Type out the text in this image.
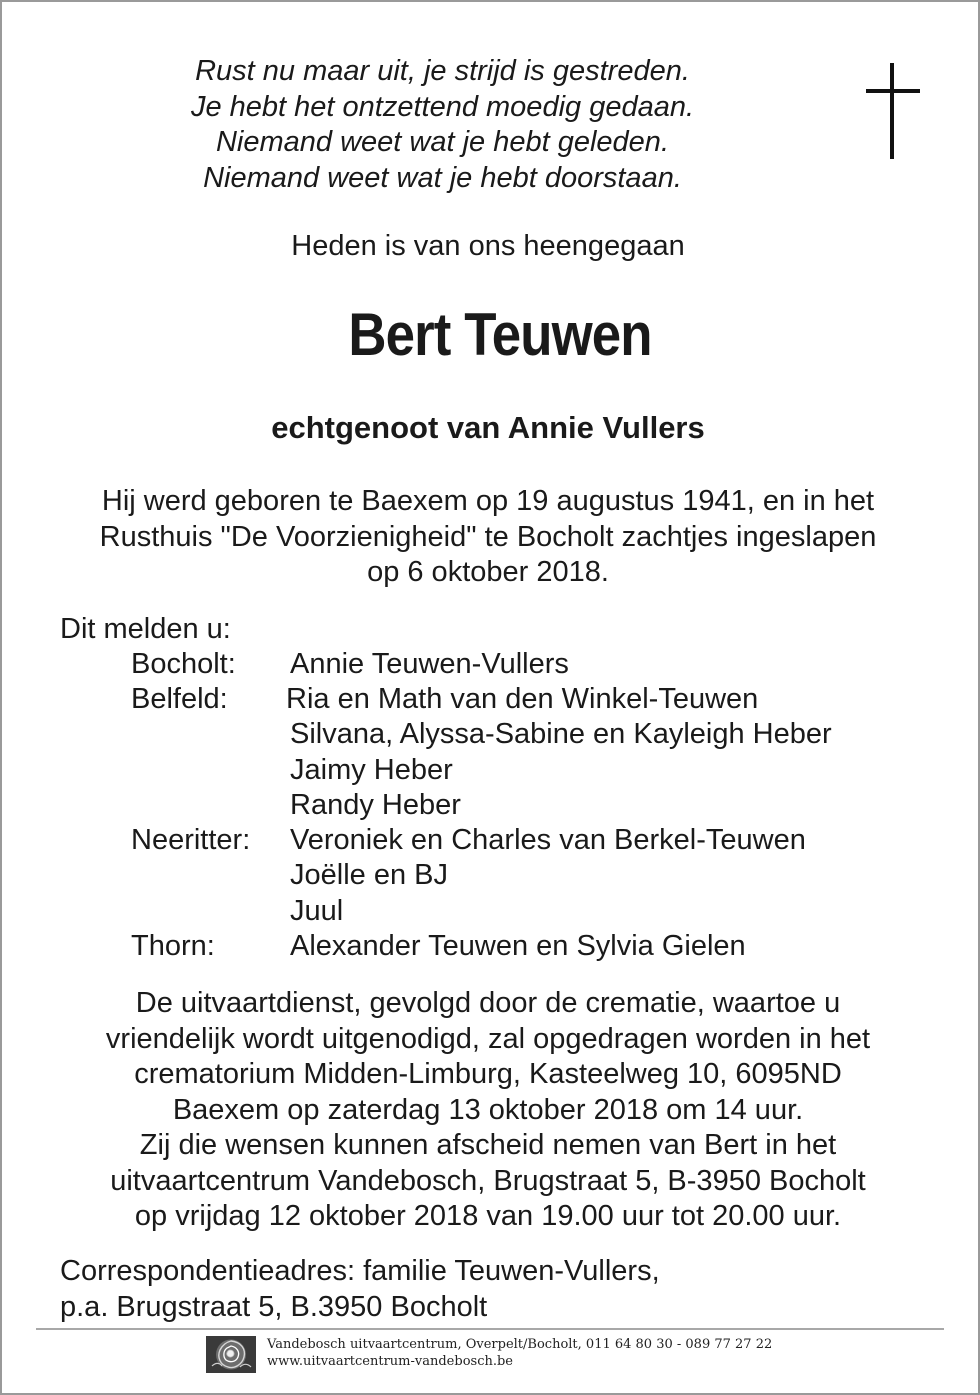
Rust nu maar uit, je strijd is gestreden.
Je hebt het ontzettend moedig gedaan.
Niemand weet wat je hebt geleden.
Niemand weet wat je hebt doorstaan.
Heden is van ons heengegaan
Bert Teuwen
echtgenoot van Annie Vullers
Hij werd geboren te Baexem op 19 augustus 1941, en in het
Rusthuis "De Voorzienigheid" te Bocholt zachtjes ingeslapen
op 6 oktober 2018.
Dit melden u:
Bocholt: Annie Teuwen-Vullers
Belfeld: Ria en Math van den Winkel-Teuwen
Silvana, Alyssa-Sabine en Kayleigh Heber
Jaimy Heber
Randy Heber
Neeritter: Veroniek en Charles van Berkel-Teuwen
Joëlle en BJ
Juul
Thorn:	Alexander Teuwen en Sylvia Gielen
De uitvaartdienst, gevolgd door de crematie, waartoe u
vriendelijk wordt uitgenodigd, zal opgedragen worden in het
crematorium Midden-Limburg, Kasteelweg 10, 6095ND
Baexem op zaterdag 13 oktober 2018 om 14 uur.
Zij die wensen kunnen afscheid nemen van Bert in het
uitvaartcentrum Vandebosch, Brugstraat 5, B-3950 Bocholt
op vrijdag 12 oktober 2018 van 19.00 uur tot 20.00 uur.
Correspondentieadres: familie Teuwen-Vullers,
p.a. Brugstraat 5, B.3950 Bocholt
Vandebosch uitvaartcentrum, Overpelt/Bocholt, 011 64 80 30 - 089 77 27 22
www.uitvaartcentrum-vandebosch.be
